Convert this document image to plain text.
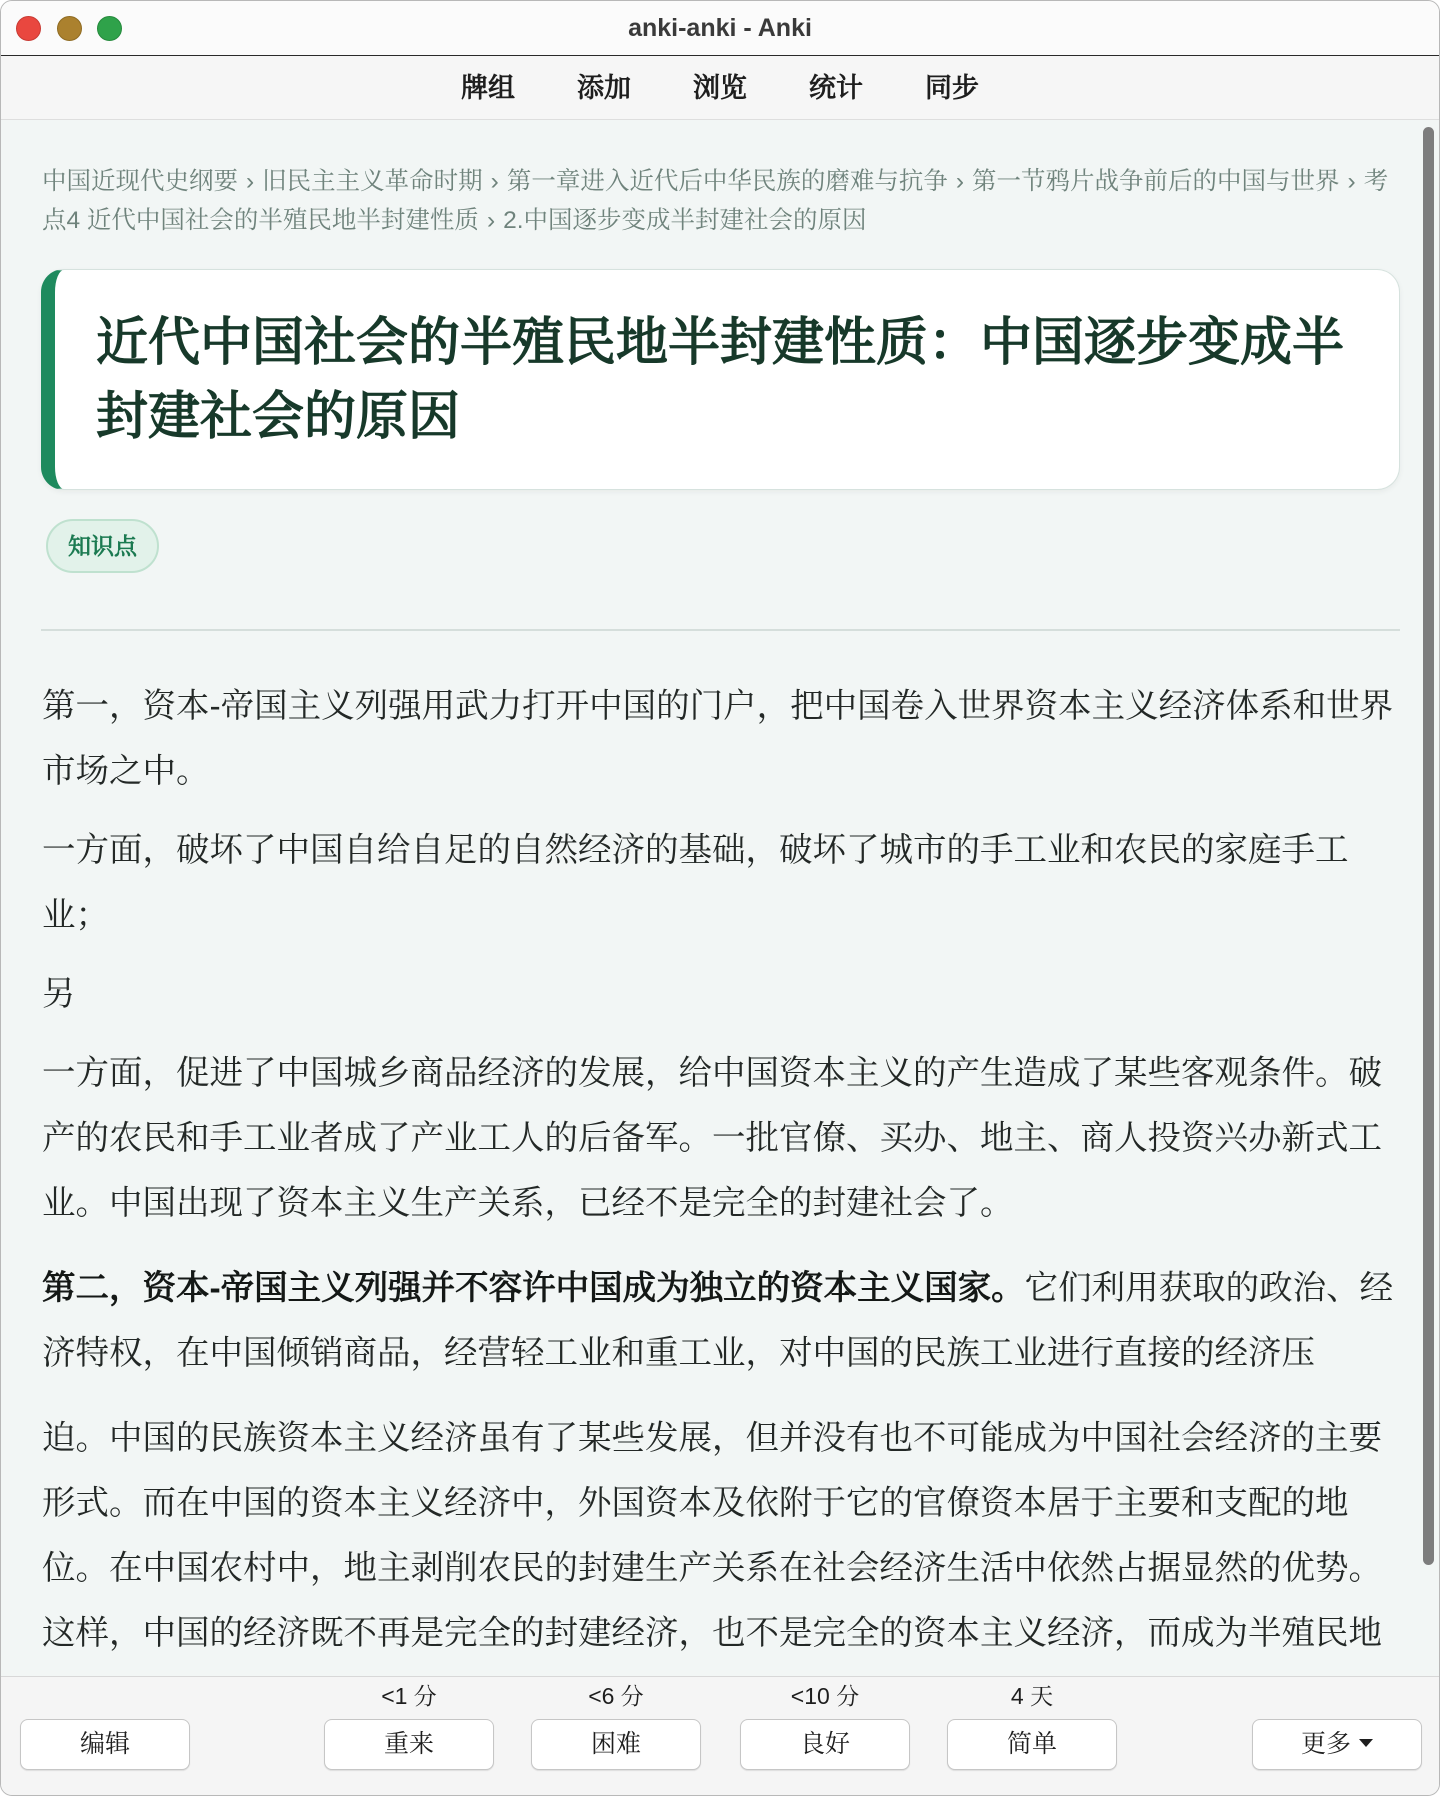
anki-anki - Anki
牌组 添加 浏览 统计 同步
中国近现代史纲要 › 旧民主主义革命时期 › 第一章进入近代后中华民族的磨难与抗争 › 第一节鸦片战争前后的中国与世界 › 考点4 近代中国社会的半殖民地半封建性质 › 2.中国逐步变成半封建社会的原因
近代中国社会的半殖民地半封建性质：中国逐步变成半封建社会的原因
知识点

第一，资本-帝国主义列强用武力打开中国的门户，把中国卷入世界资本主义经济体系和世界市场之中。

一方面，破坏了中国自给自足的自然经济的基础，破坏了城市的手工业和农民的家庭手工业；

另

一方面，促进了中国城乡商品经济的发展，给中国资本主义的产生造成了某些客观条件。破产的农民和手工业者成了产业工人的后备军。一批官僚、买办、地主、商人投资兴办新式工业。中国出现了资本主义生产关系，已经不是完全的封建社会了。

第二，资本-帝国主义列强并不容许中国成为独立的资本主义国家。它们利用获取的政治、经济特权，在中国倾销商品，经营轻工业和重工业，对中国的民族工业进行直接的经济压

迫。中国的民族资本主义经济虽有了某些发展，但并没有也不可能成为中国社会经济的主要形式。而在中国的资本主义经济中，外国资本及依附于它的官僚资本居于主要和支配的地位。在中国农村中，地主剥削农民的封建生产关系在社会经济生活中依然占据显然的优势。这样，中国的经济既不再是完全的封建经济，也不是完全的资本主义经济，而成为半殖民地

<1 分	<6 分	<10 分	4 天
编辑	重来	困难	良好	简单	更多
